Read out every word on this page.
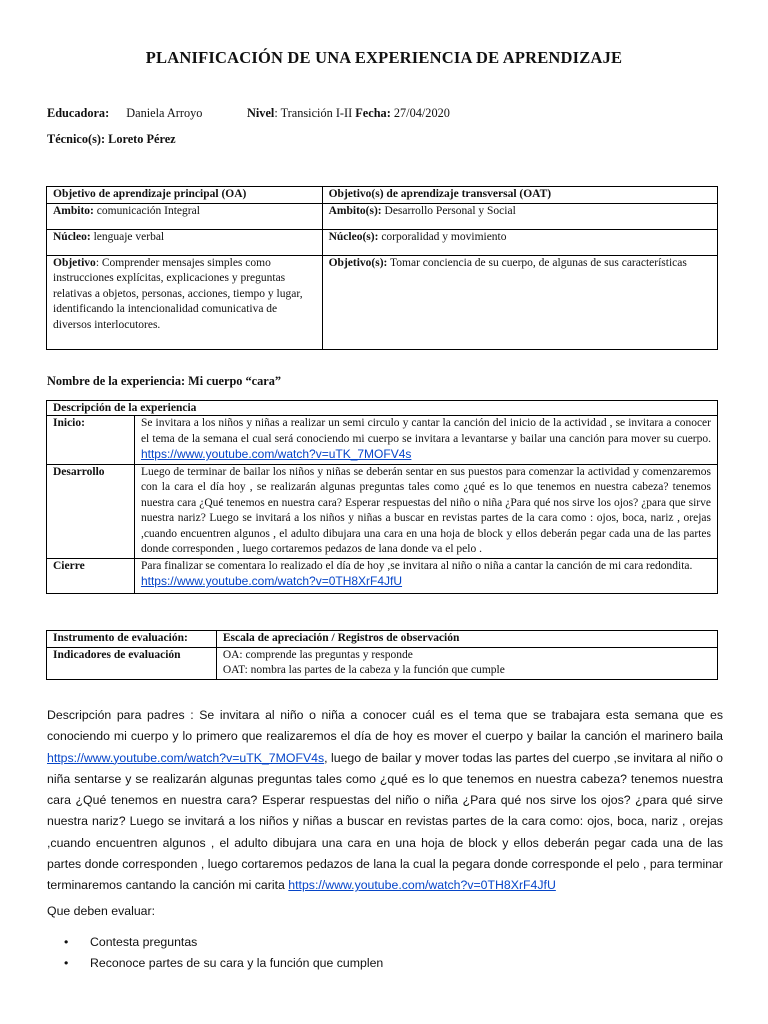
PLANIFICACIÓN DE UNA EXPERIENCIA DE APRENDIZAJE
Educadora: Daniela Arroyo	Nivel: Transición I-II Fecha: 27/04/2020
Técnico(s): Loreto Pérez
Objetivo de aprendizaje principal (OA)	Objetivo(s) de aprendizaje transversal (OAT)
Ambito: comunicación Integral	Ambito(s): Desarrollo Personal y Social
Núcleo: lenguaje verbal	Núcleo(s): corporalidad y movimiento
Objetivo: Comprender mensajes simples como instrucciones explícitas, explicaciones y preguntas relativas a objetos, personas, acciones, tiempo y lugar, identificando la intencionalidad comunicativa de diversos interlocutores.	Objetivo(s): Tomar conciencia de su cuerpo, de algunas de sus características
Nombre de la experiencia: Mi cuerpo “cara”
Descripción de la experiencia	
Inicio:	Se invitara a los niños y niñas a realizar un semi circulo y cantar la canción del inicio de la actividad , se invitara a conocer el tema de la semana el cual será conociendo mi cuerpo se invitara a levantarse y bailar una canción para mover su cuerpo. https://www.youtube.com/watch?v=uTK_7MOFV4s
Desarrollo	Luego de terminar de bailar los niños y niñas se deberán sentar en sus puestos para comenzar la actividad y comenzaremos con la cara el día hoy , se realizarán algunas preguntas tales como ¿qué es lo que tenemos en nuestra cabeza? tenemos nuestra cara ¿Qué tenemos en nuestra cara? Esperar respuestas del niño o niña ¿Para qué nos sirve los ojos? ¿para que sirve nuestra nariz? Luego se invitará a los niños y niñas a buscar en revistas partes de la cara como : ojos, boca, nariz , orejas ,cuando encuentren algunos , el adulto dibujara una cara en una hoja de block y ellos deberán pegar cada una de las partes donde corresponden , luego cortaremos pedazos de lana donde va el pelo .
Cierre	Para finalizar se comentara lo realizado el día de hoy ,se invitara al niño o niña a cantar la canción de mi cara redondita. https://www.youtube.com/watch?v=0TH8XrF4JfU
Instrumento de evaluación:	Escala de apreciación / Registros de observación
Indicadores de evaluación	OA: comprende las preguntas y responde
OAT: nombra las partes de la cabeza y la función que cumple
Descripción para padres : Se invitara al niño o niña a conocer cuál es el tema que se trabajara esta semana que es conociendo mi cuerpo y lo primero que realizaremos el día de hoy es mover el cuerpo y bailar la canción el marinero baila https://www.youtube.com/watch?v=uTK_7MOFV4s, luego de bailar y mover todas las partes del cuerpo ,se invitara al niño o niña sentarse y se realizarán algunas preguntas tales como ¿qué es lo que tenemos en nuestra cabeza? tenemos nuestra cara ¿Qué tenemos en nuestra cara? Esperar respuestas del niño o niña ¿Para qué nos sirve los ojos? ¿para qué sirve nuestra nariz? Luego se invitará a los niños y niñas a buscar en revistas partes de la cara como: ojos, boca, nariz , orejas ,cuando encuentren algunos , el adulto dibujara una cara en una hoja de block y ellos deberán pegar cada una de las partes donde corresponden , luego cortaremos pedazos de lana la cual la pegara donde corresponde el pelo , para terminar terminaremos cantando la canción mi carita https://www.youtube.com/watch?v=0TH8XrF4JfU
Que deben evaluar:
• Contesta preguntas
• Reconoce partes de su cara y la función que cumplen
